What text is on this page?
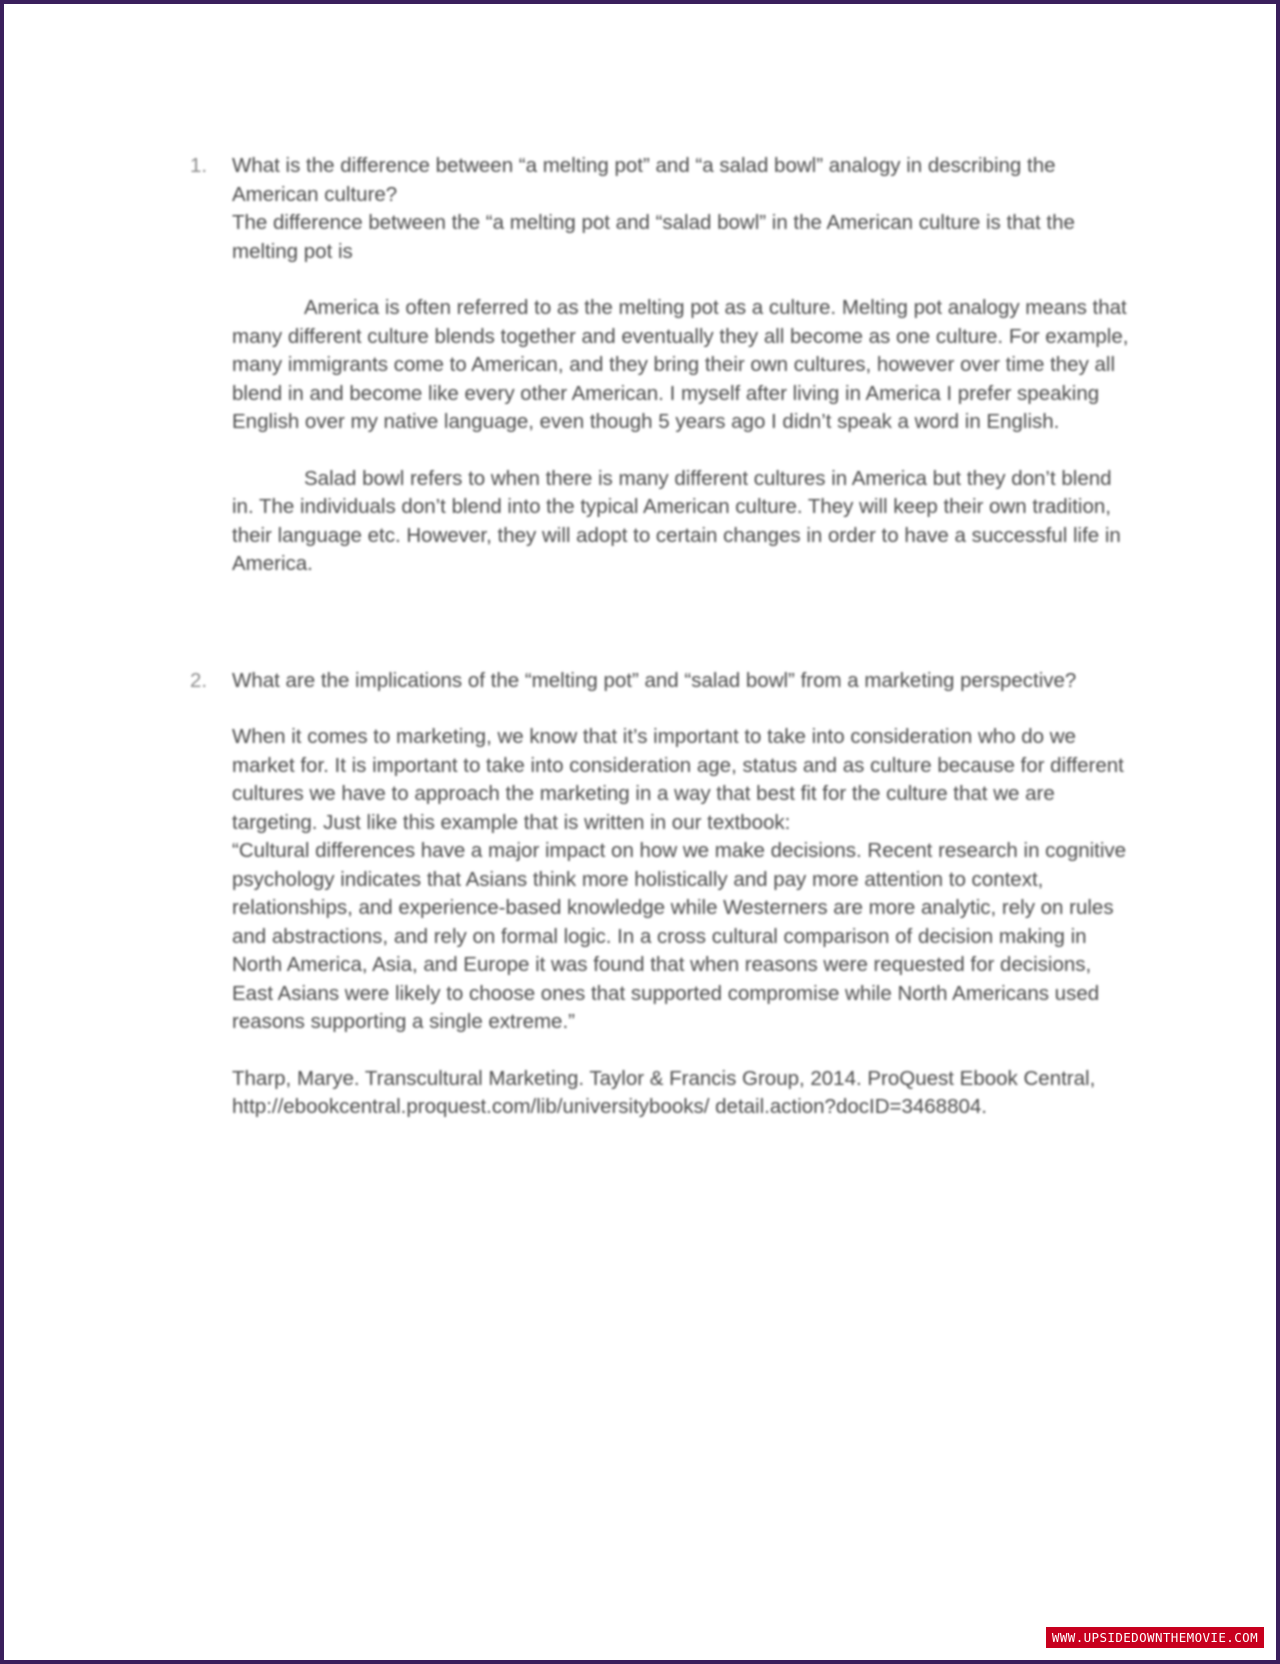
1.	What is the difference between “a melting pot” and “a salad bowl” analogy in describing the American culture?
The difference between the “a melting pot and “salad bowl” in the American culture is that the melting pot is

America is often referred to as the melting pot as a culture. Melting pot analogy means that many different culture blends together and eventually they all become as one culture. For example, many immigrants come to American, and they bring their own cultures, however over time they all blend in and become like every other American. I myself after living in America I prefer speaking English over my native language, even though 5 years ago I didn’t speak a word in English.

Salad bowl refers to when there is many different cultures in America but they don’t blend in. The individuals don’t blend into the typical American culture. They will keep their own tradition, their language etc. However, they will adopt to certain changes in order to have a successful life in America.

2.	What are the implications of the “melting pot” and “salad bowl” from a marketing perspective?

When it comes to marketing, we know that it’s important to take into consideration who do we market for. It is important to take into consideration age, status and as culture because for different cultures we have to approach the marketing in a way that best fit for the culture that we are targeting. Just like this example that is written in our textbook:

“Cultural differences have a major impact on how we make decisions. Recent research in cognitive psychology indicates that Asians think more holistically and pay more attention to context, relationships, and experience-based knowledge while Westerners are more analytic, rely on rules and abstractions, and rely on formal logic. In a cross cultural comparison of decision making in North America, Asia, and Europe it was found that when reasons were requested for decisions, East Asians were likely to choose ones that supported compromise while North Americans used reasons supporting a single extreme.”

Tharp, Marye. Transcultural Marketing. Taylor & Francis Group, 2014. ProQuest Ebook Central, http://ebookcentral.proquest.com/lib/universitybooks/ detail.action?docID=3468804.

WWW.UPSIDEDOWNTHEMOVIE.COM
